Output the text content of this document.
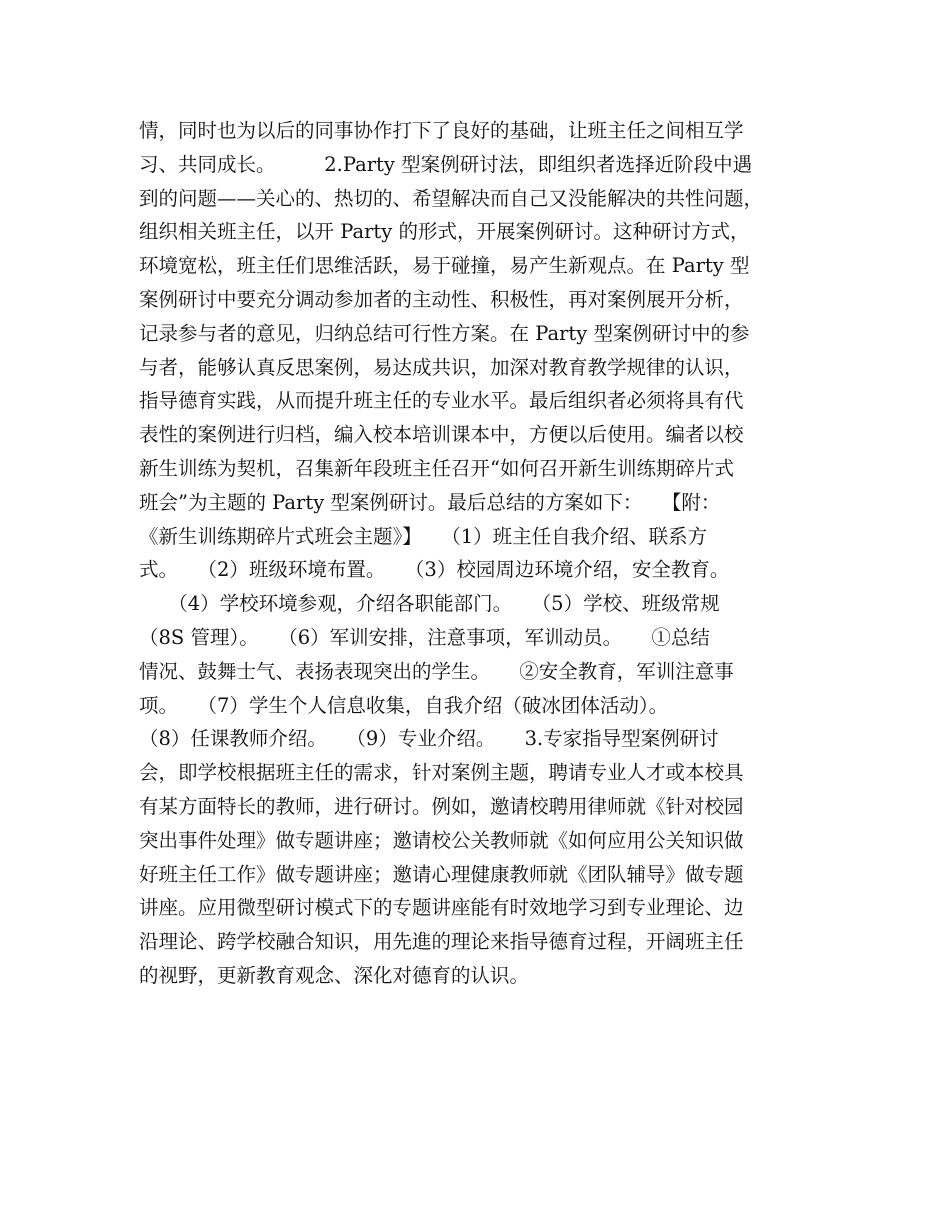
情，同时也为以后的同事协作打下了良好的基础，让班主任之间相互学
习、共同成长。　　　2.Party 型案例研讨法，即组织者选择近阶段中遇
到的问题——关心的、热切的、希望解决而自己又没能解决的共性问题，
组织相关班主任，以开 Party 的形式，开展案例研讨。这种研讨方式，
环境宽松，班主任们思维活跃，易于碰撞，易产生新观点。在 Party 型
案例研讨中要充分调动参加者的主动性、积极性，再对案例展开分析，
记录参与者的意见，归纳总结可行性方案。在 Party 型案例研讨中的参
与者，能够认真反思案例，易达成共识，加深对教育教学规律的认识，
指导德育实践，从而提升班主任的专业水平。最后组织者必须将具有代
表性的案例进行归档，编入校本培训课本中，方便以后使用。编者以校
新生训练为契机，召集新年段班主任召开“如何召开新生训练期碎片式
班会”为主题的 Party 型案例研讨。最后总结的方案如下：　　【附：
《新生训练期碎片式班会主题》】　　（1）班主任自我介绍、联系方
式。　　（2）班级环境布置。　　（3）校园周边环境介绍，安全教育。
　　（4）学校环境参观，介绍各职能部门。　　（5）学校、班级常规
（8S 管理）。　　（6）军训安排，注意事项，军训动员。　　①总结
情况、鼓舞士气、表扬表现突出的学生。　　②安全教育，军训注意事
项。　　（7）学生个人信息收集，自我介绍（破冰团体活动）。
（8）任课教师介绍。　　（9）专业介绍。　　3.专家指导型案例研讨
会，即学校根据班主任的需求，针对案例主题，聘请专业人才或本校具
有某方面特长的教师，进行研讨。例如，邀请校聘用律师就《针对校园
突出事件处理》做专题讲座；邀请校公关教师就《如何应用公关知识做
好班主任工作》做专题讲座；邀请心理健康教师就《团队辅导》做专题
讲座。应用微型研讨模式下的专题讲座能有时效地学习到专业理论、边
沿理论、跨学校融合知识，用先進的理论来指导德育过程，开阔班主任
的视野，更新教育观念、深化对德育的认识。
